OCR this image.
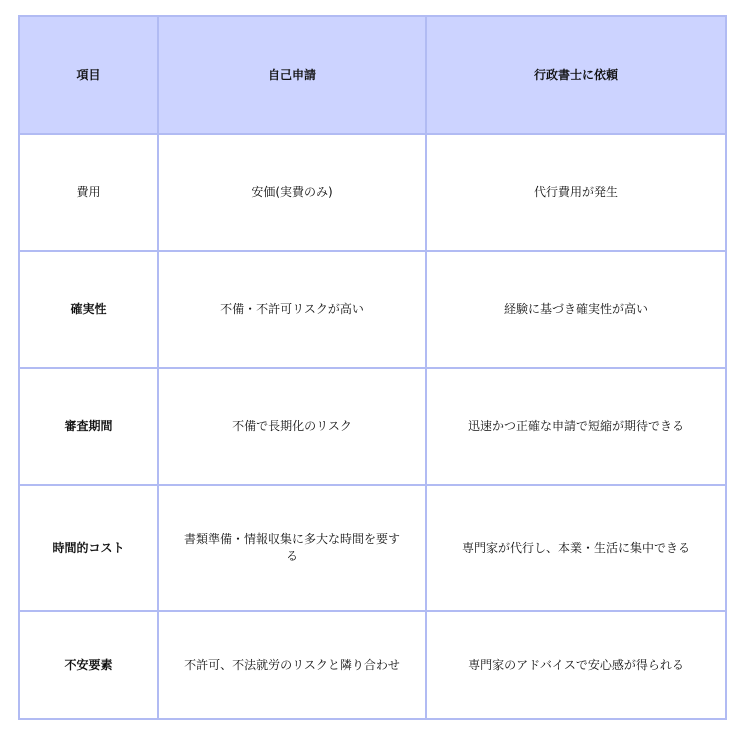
項目	自己申請	行政書士に依頼
費用	安価(実費のみ)	代行費用が発生
確実性	不備・不許可リスクが高い	経験に基づき確実性が高い
審査期間	不備で長期化のリスク	迅速かつ正確な申請で短縮が期待できる
時間的コスト	書類準備・情報収集に多大な時間を要する	専門家が代行し、本業・生活に集中できる
不安要素	不許可、不法就労のリスクと隣り合わせ	専門家のアドバイスで安心感が得られる
